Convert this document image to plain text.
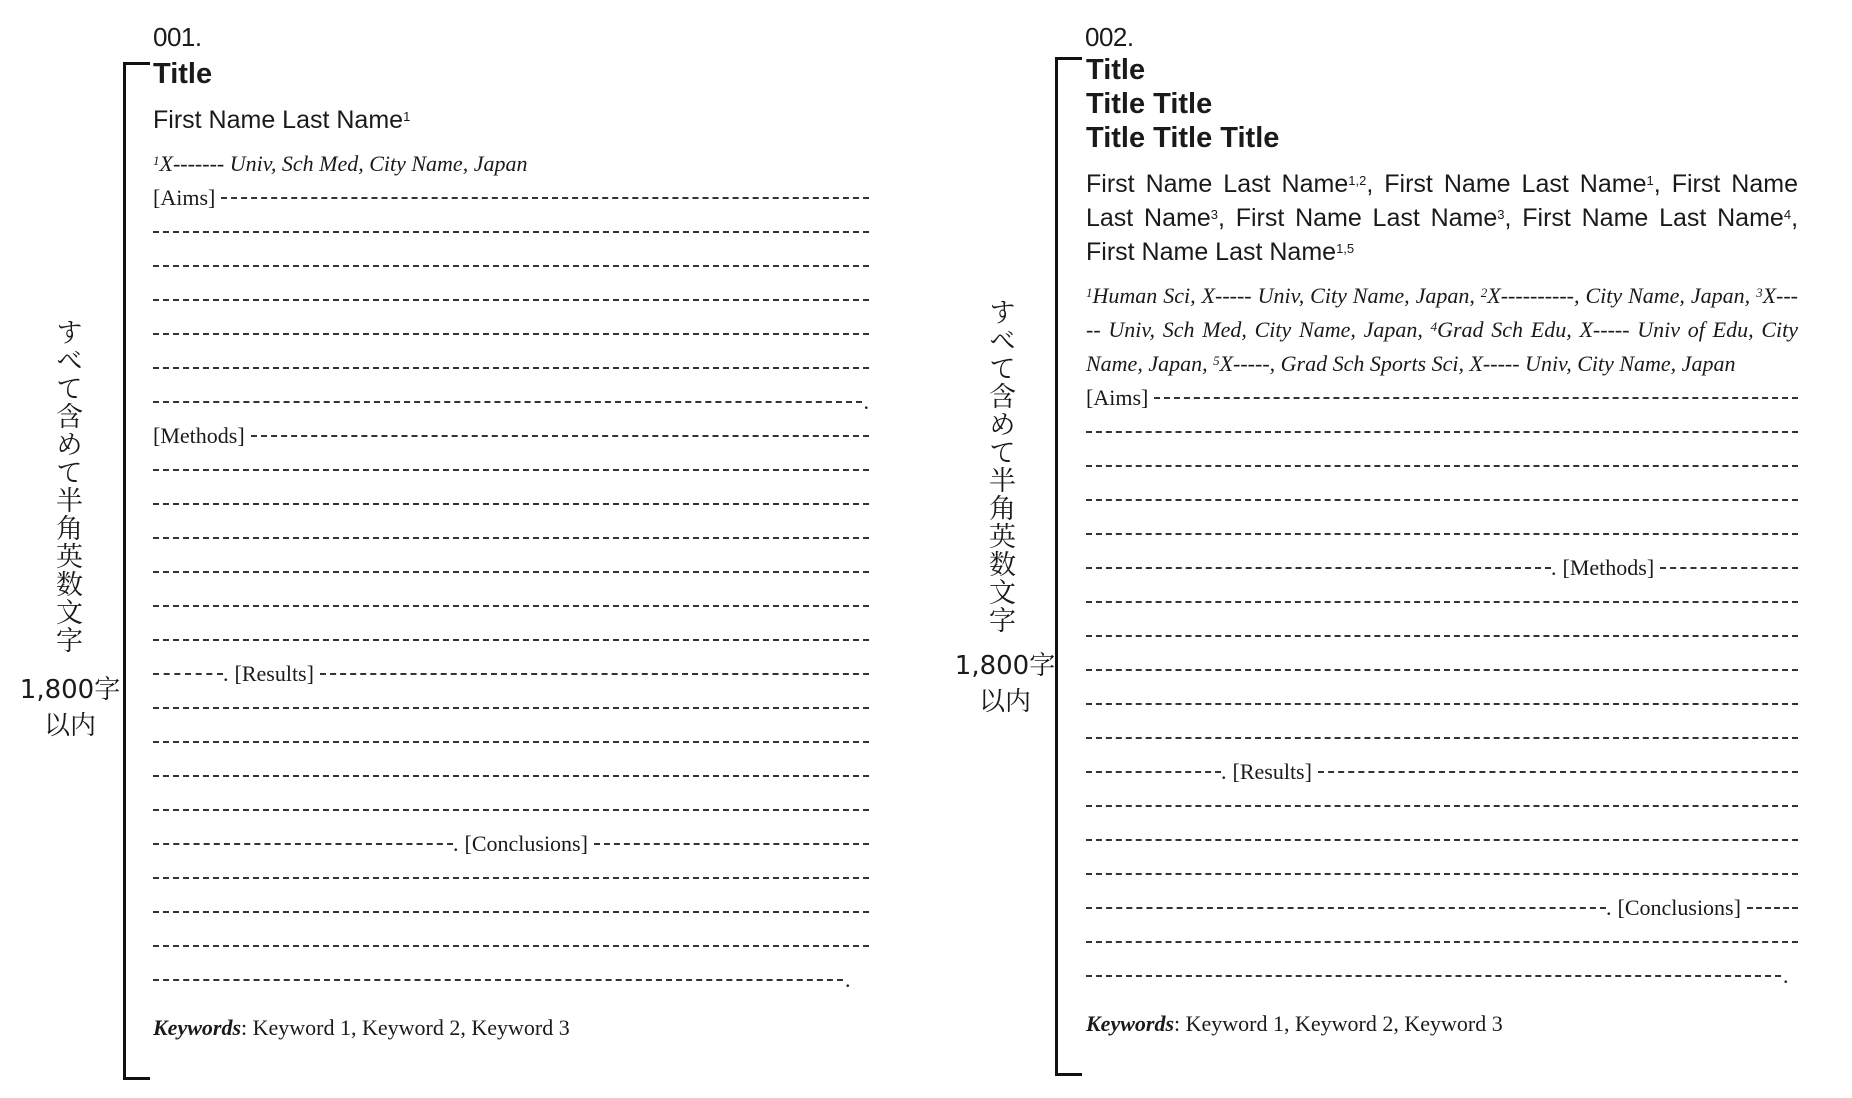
001.
すべて含めて半角英数文字
1,800字
以内
Title
First Name Last Name$^1$
$^1$X------- Univ, Sch Med, City Name, Japan
[Aims]
.
[Methods]
. [Results]
. [Conclusions]
.
Keywords: Keyword 1, Keyword 2, Keyword 3
002.
すべて含めて半角英数文字
1,800字
以内
Title
Title Title
Title Title Title
First Name Last Name$^{1,2}$, First Name Last Name$^1$, First Name Last Name$^3$, First Name Last Name$^3$, First Name Last Name$^4$, First Name Last Name$^{1,5}$
$^1$Human Sci, X----- Univ, City Name, Japan, $^2$X----------, City Name, Japan, $^3$X----- Univ, Sch Med, City Name, Japan, $^4$Grad Sch Edu, X----- Univ of Edu, City Name, Japan, $^5$X-----, Grad Sch Sports Sci, X----- Univ, City Name, Japan
[Aims]
. [Methods]
. [Results]
. [Conclusions]
.
Keywords: Keyword 1, Keyword 2, Keyword 3
